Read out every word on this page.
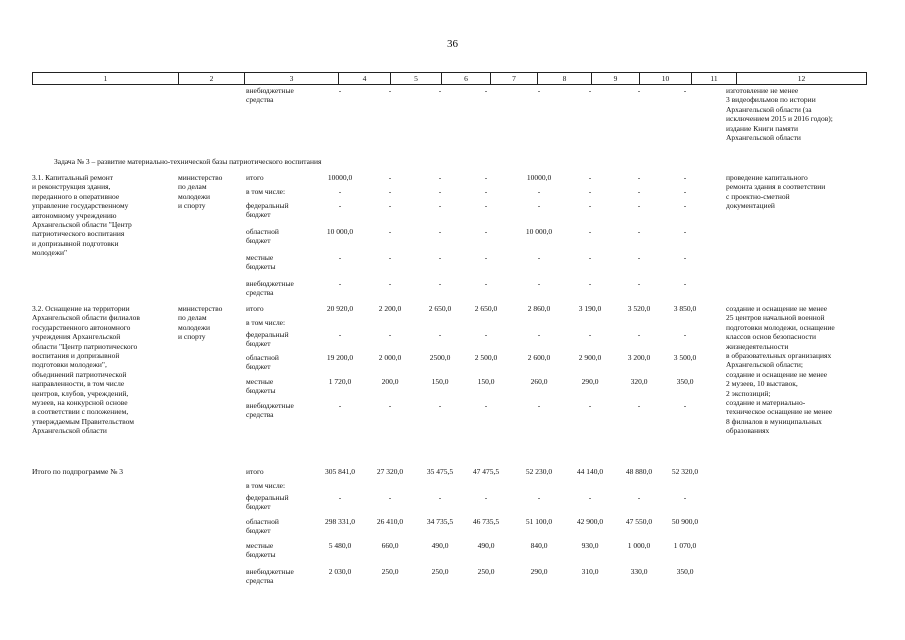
36
1	2	3	4	5	6	7	8	9	10	11	12
внебюджетные
средства
-	-	-	-	-	-	-	-	изготовление не менее
3 видеофильмов по истории
Архангельской области (за
исключением 2015 и 2016 годов);
издание Книги памяти
Архангельской области
Задача № 3 – развитие материально-технической базы патриотического воспитания
3.1. Капитальный ремонт
и реконструкция здания,
переданного в оперативное
управление государственному
автономному учреждению
Архангельской области "Центр
патриотического воспитания
и допризывной подготовки
молодежи"
министерство
по делам
молодежи
и спорту
итого	10000,0	-	-	-	10000,0	-	-	-
в том числе:	-	-	-	-	-	-	-	-
федеральный
бюджет
-	-	-	-	-	-	-	-
областной
бюджет
10 000,0	-	-	-	10 000,0	-	-	-
местные
бюджеты
-	-	-	-	-	-	-	-
внебюджетные
средства
-	-	-	-	-	-	-	-
проведение капитального
ремонта здания в соответствии
с проектно-сметной
документацией
3.2. Оснащение на территории
Архангельской области филиалов
государственного автономного
учреждения Архангельской
области "Центр патриотического
воспитания и допризывной
подготовки молодежи",
объединений патриотической
направленности, в том числе
центров, клубов, учреждений,
музеев, на конкурсной основе
в соответствии с положением,
утверждаемым Правительством
Архангельской области
министерство
по делам
молодежи
и спорту
итого	20 920,0	2 200,0	2 650,0	2 650,0	2 860,0	3 190,0	3 520,0	3 850,0
в том числе:
федеральный
бюджет
-	-	-	-	-	-	-	-
областной
бюджет
19 200,0	2 000,0	2500,0	2 500,0	2 600,0	2 900,0	3 200,0	3 500,0
местные
бюджеты
1 720,0	200,0	150,0	150,0	260,0	290,0	320,0	350,0
внебюджетные
средства
-	-	-	-	-	-	-	-
создание и оснащение не менее
25 центров начальной военной
подготовки молодежи, оснащение
классов основ безопасности
жизнедеятельности
в образовательных организациях
Архангельской области;
создание и оснащение не менее
2 музеев, 10 выставок,
2 экспозиций;
создание и материально-
техническое оснащение не менее
8 филиалов в муниципальных
образованиях
Итого по подпрограмме № 3	итого	305 841,0	27 320,0	35 475,5	47 475,5	52 230,0	44 140,0	48 880,0	52 320,0
в том числе:
федеральный
бюджет
-	-	-	-	-	-	-	-
областной
бюджет
298 331,0	26 410,0	34 735,5	46 735,5	51 100,0	42 900,0	47 550,0	50 900,0
местные
бюджеты
5 480,0	660,0	490,0	490,0	840,0	930,0	1 000,0	1 070,0
внебюджетные
средства
2 030,0	250,0	250,0	250,0	290,0	310,0	330,0	350,0
